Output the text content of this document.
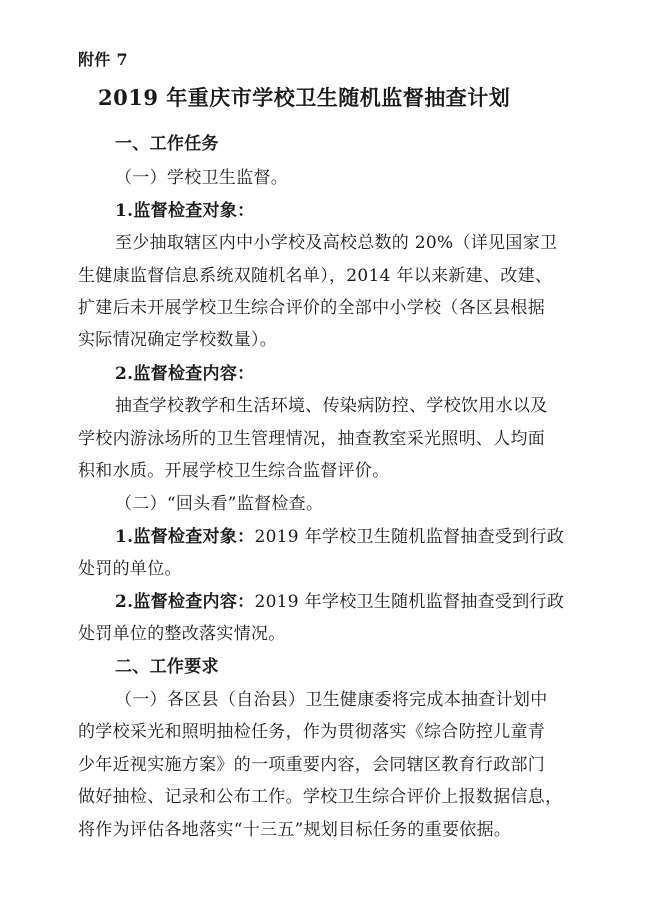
附件 7
2019 年重庆市学校卫生随机监督抽查计划
一、工作任务
（一）学校卫生监督。
1.监督检查对象：
至少抽取辖区内中小学校及高校总数的 20%（详见国家卫
生健康监督信息系统双随机名单），2014 年以来新建、改建、
扩建后未开展学校卫生综合评价的全部中小学校（各区县根据
实际情况确定学校数量）。
2.监督检查内容：
抽查学校教学和生活环境、传染病防控、学校饮用水以及
学校内游泳场所的卫生管理情况，抽查教室采光照明、人均面
积和水质。开展学校卫生综合监督评价。
（二）“回头看”监督检查。
1.监督检查对象：2019 年学校卫生随机监督抽查受到行政
处罚的单位。
2.监督检查内容：2019 年学校卫生随机监督抽查受到行政
处罚单位的整改落实情况。
二、工作要求
（一）各区县（自治县）卫生健康委将完成本抽查计划中
的学校采光和照明抽检任务，作为贯彻落实《综合防控儿童青
少年近视实施方案》的一项重要内容，会同辖区教育行政部门
做好抽检、记录和公布工作。学校卫生综合评价上报数据信息，
将作为评估各地落实“十三五”规划目标任务的重要依据。
